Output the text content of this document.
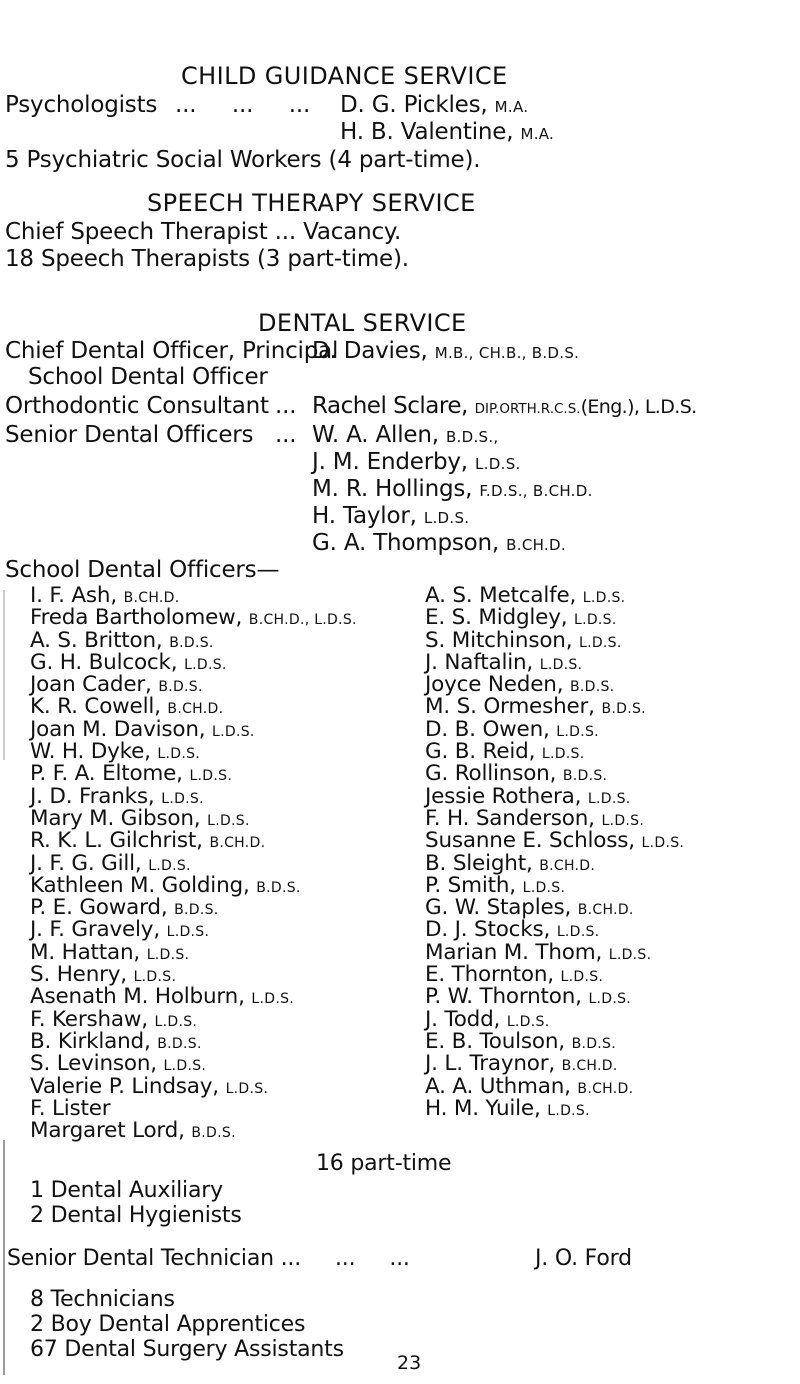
CHILD GUIDANCE SERVICE
Psychologists ...     ...     ... D. G. Pickles, M.A.
H. B. Valentine, M.A.
5 Psychiatric Social Workers (4 part-time).
SPEECH THERAPY SERVICE
Chief Speech Therapist ... Vacancy.
18 Speech Therapists (3 part-time).
DENTAL SERVICE
Chief Dental Officer, Principal
School Dental Officer
D. Davies, M.B., CH.B., B.D.S.
Orthodontic Consultant ... Rachel Sclare, DIP.ORTH.R.C.S.(Eng.), L.D.S.
Senior Dental Officers ... W. A. Allen, B.D.S.,
J. M. Enderby, L.D.S.
M. R. Hollings, F.D.S., B.CH.D.
H. Taylor, L.D.S.
G. A. Thompson, B.CH.D.
School Dental Officers—
I. F. Ash, B.CH.D.
Freda Bartholomew, B.CH.D., L.D.S.
A. S. Britton, B.D.S.
G. H. Bulcock, L.D.S.
Joan Cader, B.D.S.
K. R. Cowell, B.CH.D.
Joan M. Davison, L.D.S.
W. H. Dyke, L.D.S.
P. F. A. Eltome, L.D.S.
J. D. Franks, L.D.S.
Mary M. Gibson, L.D.S.
R. K. L. Gilchrist, B.CH.D.
J. F. G. Gill, L.D.S.
Kathleen M. Golding, B.D.S.
P. E. Goward, B.D.S.
J. F. Gravely, L.D.S.
M. Hattan, L.D.S.
S. Henry, L.D.S.
Asenath M. Holburn, L.D.S.
F. Kershaw, L.D.S.
B. Kirkland, B.D.S.
S. Levinson, L.D.S.
Valerie P. Lindsay, L.D.S.
F. Lister
Margaret Lord, B.D.S.
A. S. Metcalfe, L.D.S.
E. S. Midgley, L.D.S.
S. Mitchinson, L.D.S.
J. Naftalin, L.D.S.
Joyce Neden, B.D.S.
M. S. Ormesher, B.D.S.
D. B. Owen, L.D.S.
G. B. Reid, L.D.S.
G. Rollinson, B.D.S.
Jessie Rothera, L.D.S.
F. H. Sanderson, L.D.S.
Susanne E. Schloss, L.D.S.
B. Sleight, B.CH.D.
P. Smith, L.D.S.
G. W. Staples, B.CH.D.
D. J. Stocks, L.D.S.
Marian M. Thom, L.D.S.
E. Thornton, L.D.S.
P. W. Thornton, L.D.S.
J. Todd, L.D.S.
E. B. Toulson, B.D.S.
J. L. Traynor, B.CH.D.
A. A. Uthman, B.CH.D.
H. M. Yuile, L.D.S.
16 part-time
1 Dental Auxiliary
2 Dental Hygienists
Senior Dental Technician ...     ...     ...	J. O. Ford
8 Technicians
2 Boy Dental Apprentices
67 Dental Surgery Assistants
23
